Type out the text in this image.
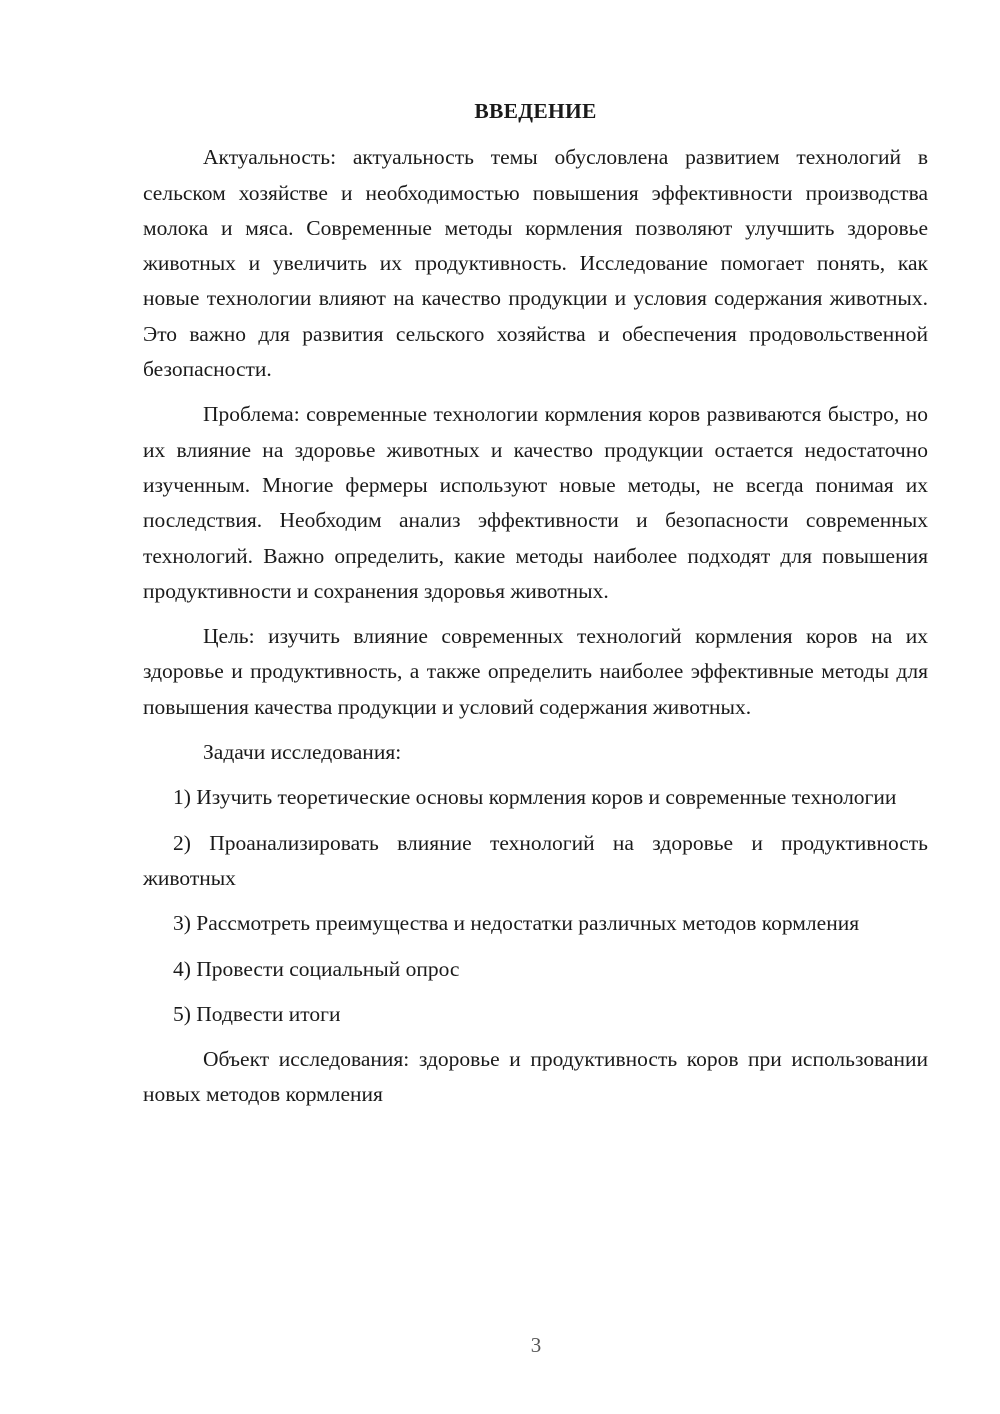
ВВЕДЕНИЕ

Актуальность: актуальность темы обусловлена развитием технологий в сельском хозяйстве и необходимостью повышения эффективности производства молока и мяса. Современные методы кормления позволяют улучшить здоровье животных и увеличить их продуктивность. Исследование помогает понять, как новые технологии влияют на качество продукции и условия содержания животных. Это важно для развития сельского хозяйства и обеспечения продовольственной безопасности.

Проблема: современные технологии кормления коров развиваются быстро, но их влияние на здоровье животных и качество продукции остается недостаточно изученным. Многие фермеры используют новые методы, не всегда понимая их последствия. Необходим анализ эффективности и безопасности современных технологий. Важно определить, какие методы наиболее подходят для повышения продуктивности и сохранения здоровья животных.

Цель: изучить влияние современных технологий кормления коров на их здоровье и продуктивность, а также определить наиболее эффективные методы для повышения качества продукции и условий содержания животных.

Задачи исследования:

1) Изучить теоретические основы кормления коров и современные технологии

2) Проанализировать влияние технологий на здоровье и продуктивность животных

3) Рассмотреть преимущества и недостатки различных методов кормления

4) Провести социальный опрос

5) Подвести итоги

Объект исследования: здоровье и продуктивность коров при использовании новых методов кормления

3
